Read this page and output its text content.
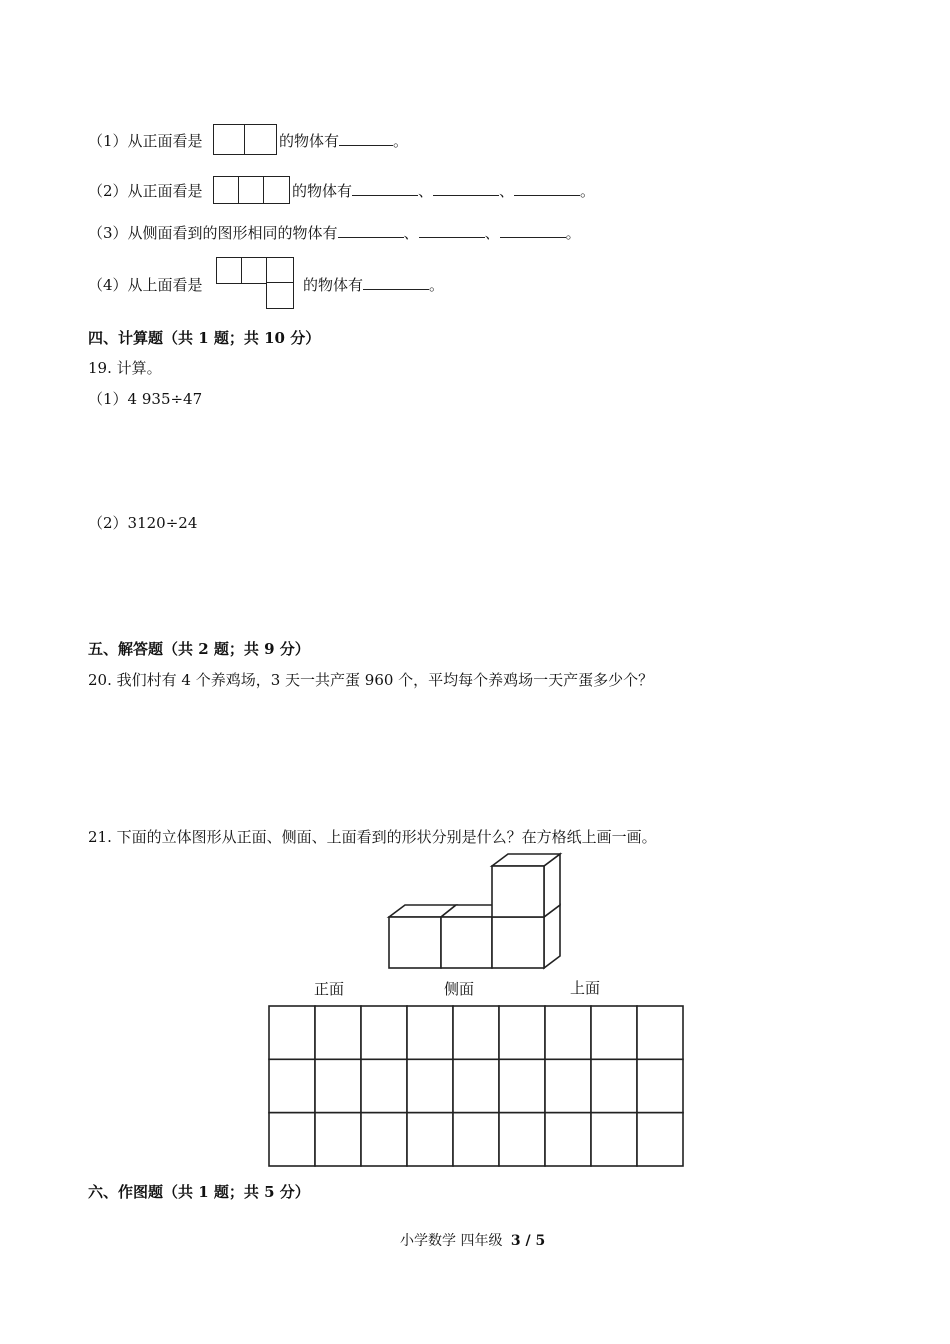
（1）从正面看是	的物体有	。
（2）从正面看是	的物体有	、	、	。
（3）从侧面看到的图形相同的物体有	、	、	。
（4）从上面看是	的物体有	。
四、计算题（共 1 题；共 10 分）
19. 计算。
（1）4 935÷47
（2）3120÷24
五、解答题（共 2 题；共 9 分）
20. 我们村有 4 个养鸡场，3 天一共产蛋 960 个，平均每个养鸡场一天产蛋多少个？
21. 下面的立体图形从正面、侧面、上面看到的形状分别是什么？在方格纸上画一画。
正面	侧面	上面
六、作图题（共 1 题；共 5 分）
小学数学 四年级 3 / 5
